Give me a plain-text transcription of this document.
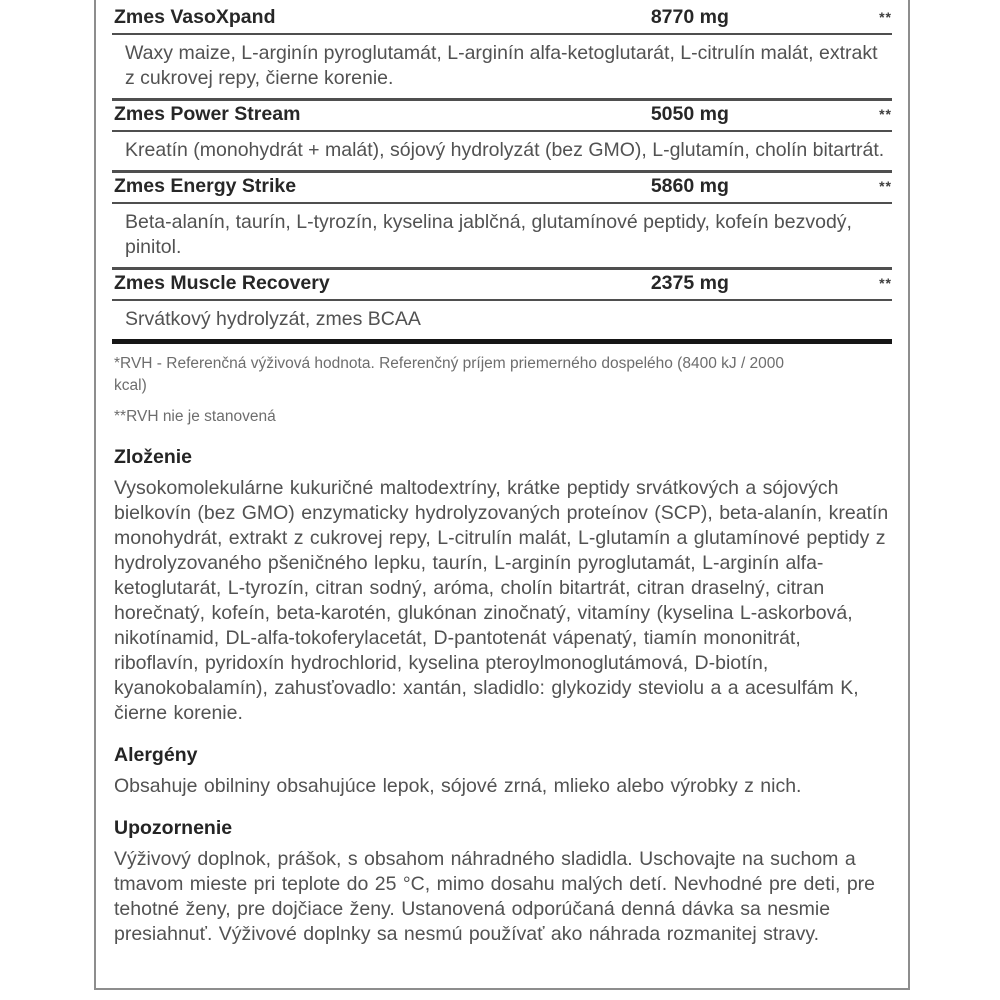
Zmes VasoXpand	8770 mg	**

Waxy maize, L-arginín pyroglutamát, L-arginín alfa-ketoglutarát, L-citrulín malát, extrakt z cukrovej repy, čierne korenie.

Zmes Power Stream	5050 mg	**

Kreatín (monohydrát + malát), sójový hydrolyzát (bez GMO), L-glutamín, cholín bitartrát.

Zmes Energy Strike	5860 mg	**

Beta-alanín, taurín, L-tyrozín, kyselina jablčná, glutamínové peptidy, kofeín bezvodý, pinitol.

Zmes Muscle Recovery	2375 mg	**

Srvátkový hydrolyzát, zmes BCAA

*RVH - Referenčná výživová hodnota. Referenčný príjem priemerného dospelého (8400 kJ / 2000 kcal)

**RVH nie je stanovená

Zloženie

Vysokomolekulárne kukuričné maltodextríny, krátke peptidy srvátkových a sójových bielkovín (bez GMO) enzymaticky hydrolyzovaných proteínov (SCP), beta-alanín, kreatín monohydrát, extrakt z cukrovej repy, L-citrulín malát, L-glutamín a glutamínové peptidy z hydrolyzovaného pšeničného lepku, taurín, L-arginín pyroglutamát, L-arginín alfa-ketoglutarát, L-tyrozín, citran sodný, aróma, cholín bitartrát, citran draselný, citran horečnatý, kofeín, beta-karotén, glukónan zinočnatý, vitamíny (kyselina L-askorbová, nikotínamid, DL-alfa-tokoferylacetát, D-pantotenát vápenatý, tiamín mononitrát, riboflavín, pyridoxín hydrochlorid, kyselina pteroylmonoglutámová, D-biotín, kyanokobalamín), zahusťovadlo: xantán, sladidlo: glykozidy steviolu a a acesulfám K, čierne korenie.

Alergény

Obsahuje obilniny obsahujúce lepok, sójové zrná, mlieko alebo výrobky z nich.

Upozornenie

Výživový doplnok, prášok, s obsahom náhradného sladidla. Uschovajte na suchom a tmavom mieste pri teplote do 25 °C, mimo dosahu malých detí. Nevhodné pre deti, pre tehotné ženy, pre dojčiace ženy. Ustanovená odporúčaná denná dávka sa nesmie presiahnuť. Výživové doplnky sa nesmú používať ako náhrada rozmanitej stravy.
